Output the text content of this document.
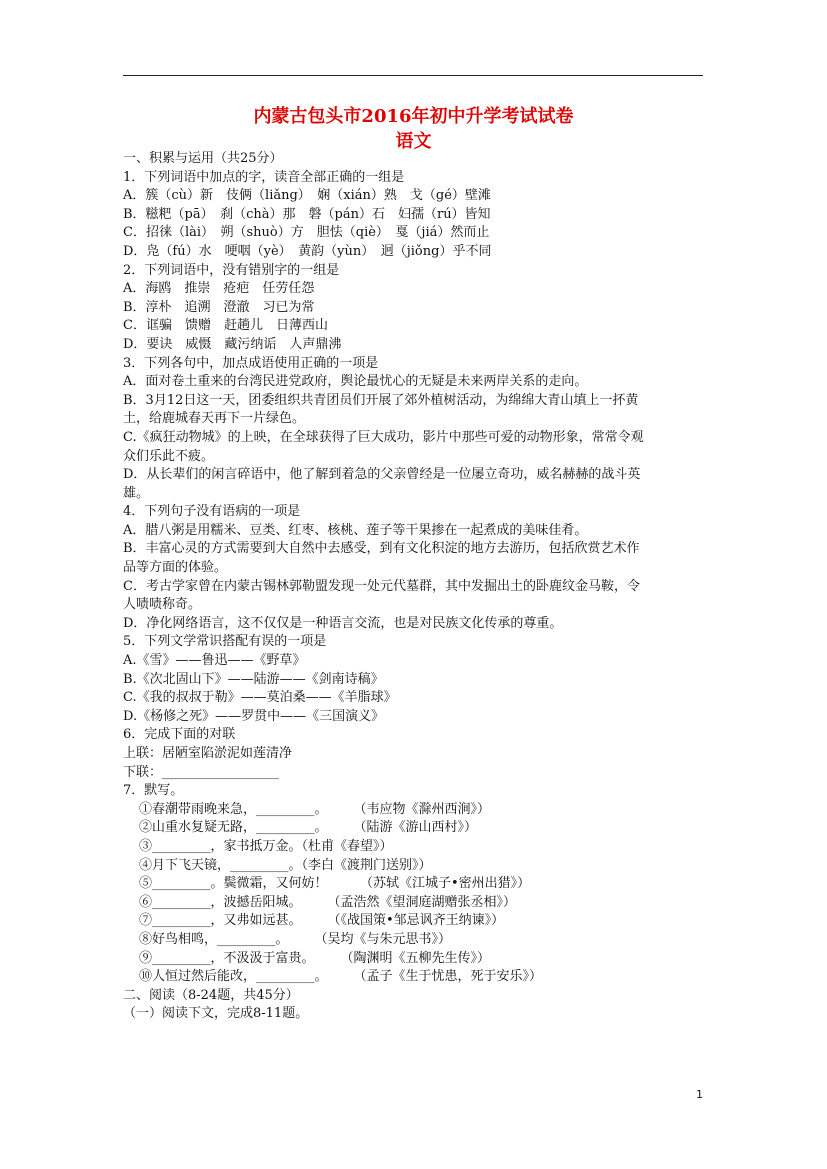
内蒙古包头市2016年初中升学考试试卷
语文

一、积累与运用（共25分）

1．下列词语中加点的字，读音全部正确的一组是

A．簇（cù）新　伎俩（liǎng）　娴（xián）熟　戈（gé）壁滩

B．糍粑（pā）　刹（chà）那　磐（pán）石　妇孺（rú）皆知

C．招徕（lài）　朔（shuò）方　胆怯（qiè）　戛（jiá）然而止

D．凫（fú）水　哽咽（yè）　黄韵（yùn）　迥（jiǒng）乎不同

2．下列词语中，没有错别字的一组是

A．海鸥　推崇　疮疤　任劳任怨

B．淳朴　追溯　澄澈　习已为常

C．诓骗　馈赠　赶趟儿　日薄西山

D．要诀　威慑　藏污纳诟　人声鼎沸

3．下列各句中，加点成语使用正确的一项是

A．面对卷土重来的台湾民进党政府，舆论最忧心的无疑是未来两岸关系的走向。

B．3月12日这一天，团委组织共青团员们开展了郊外植树活动，为绵绵大青山填上一抔黄

土，给鹿城春天再下一片绿色。

C.《疯狂动物城》的上映，在全球获得了巨大成功，影片中那些可爱的动物形象，常常令观

众们乐此不疲。

D．从长辈们的闲言碎语中，他了解到着急的父亲曾经是一位屡立奇功，威名赫赫的战斗英

雄。

4．下列句子没有语病的一项是

A．腊八粥是用糯米、豆类、红枣、核桃、莲子等干果掺在一起煮成的美味佳肴。

B．丰富心灵的方式需要到大自然中去感受，到有文化积淀的地方去游历，包括欣赏艺术作

品等方面的体验。

C．考古学家曾在内蒙古锡林郭勒盟发现一处元代墓群，其中发掘出土的卧鹿纹金马鞍，令

人啧啧称奇。

D．净化网络语言，这不仅仅是一种语言交流，也是对民族文化传承的尊重。

5．下列文学常识搭配有误的一项是

A.《雪》——鲁迅——《野草》

B.《次北固山下》——陆游——《剑南诗稿》

C.《我的叔叔于勒》——莫泊桑——《羊脂球》

D.《杨修之死》——罗贯中——《三国演义》

6．完成下面的对联

上联：居陋室陷淤泥如莲清净

下联：__________________

7．默写。

①春潮带雨晚来急，_________。　　　（韦应物《滁州西涧》）

②山重水复疑无路，_________。　　　（陆游《游山西村》）

③_________，家书抵万金。（杜甫《春望》）

④月下飞天镜，_________。（李白《渡荆门送别》）

⑤_________。鬓微霜，又何妨！　　　（苏轼《江城子•密州出猎》）

⑥_________，波撼岳阳城。　　　（孟浩然《望洞庭湖赠张丞相》）

⑦_________，又弗如远甚。　　　（《战国策•邹忌讽齐王纳谏》）

⑧好鸟相鸣，_________。　　　（吴均《与朱元思书》）

⑨_________，不汲汲于富贵。　　　（陶渊明《五柳先生传》）

⑩人恒过然后能改，_________。　　　（孟子《生于忧患，死于安乐》）

二、阅读（8-24题，共45分）

（一）阅读下文，完成8-11题。

1
